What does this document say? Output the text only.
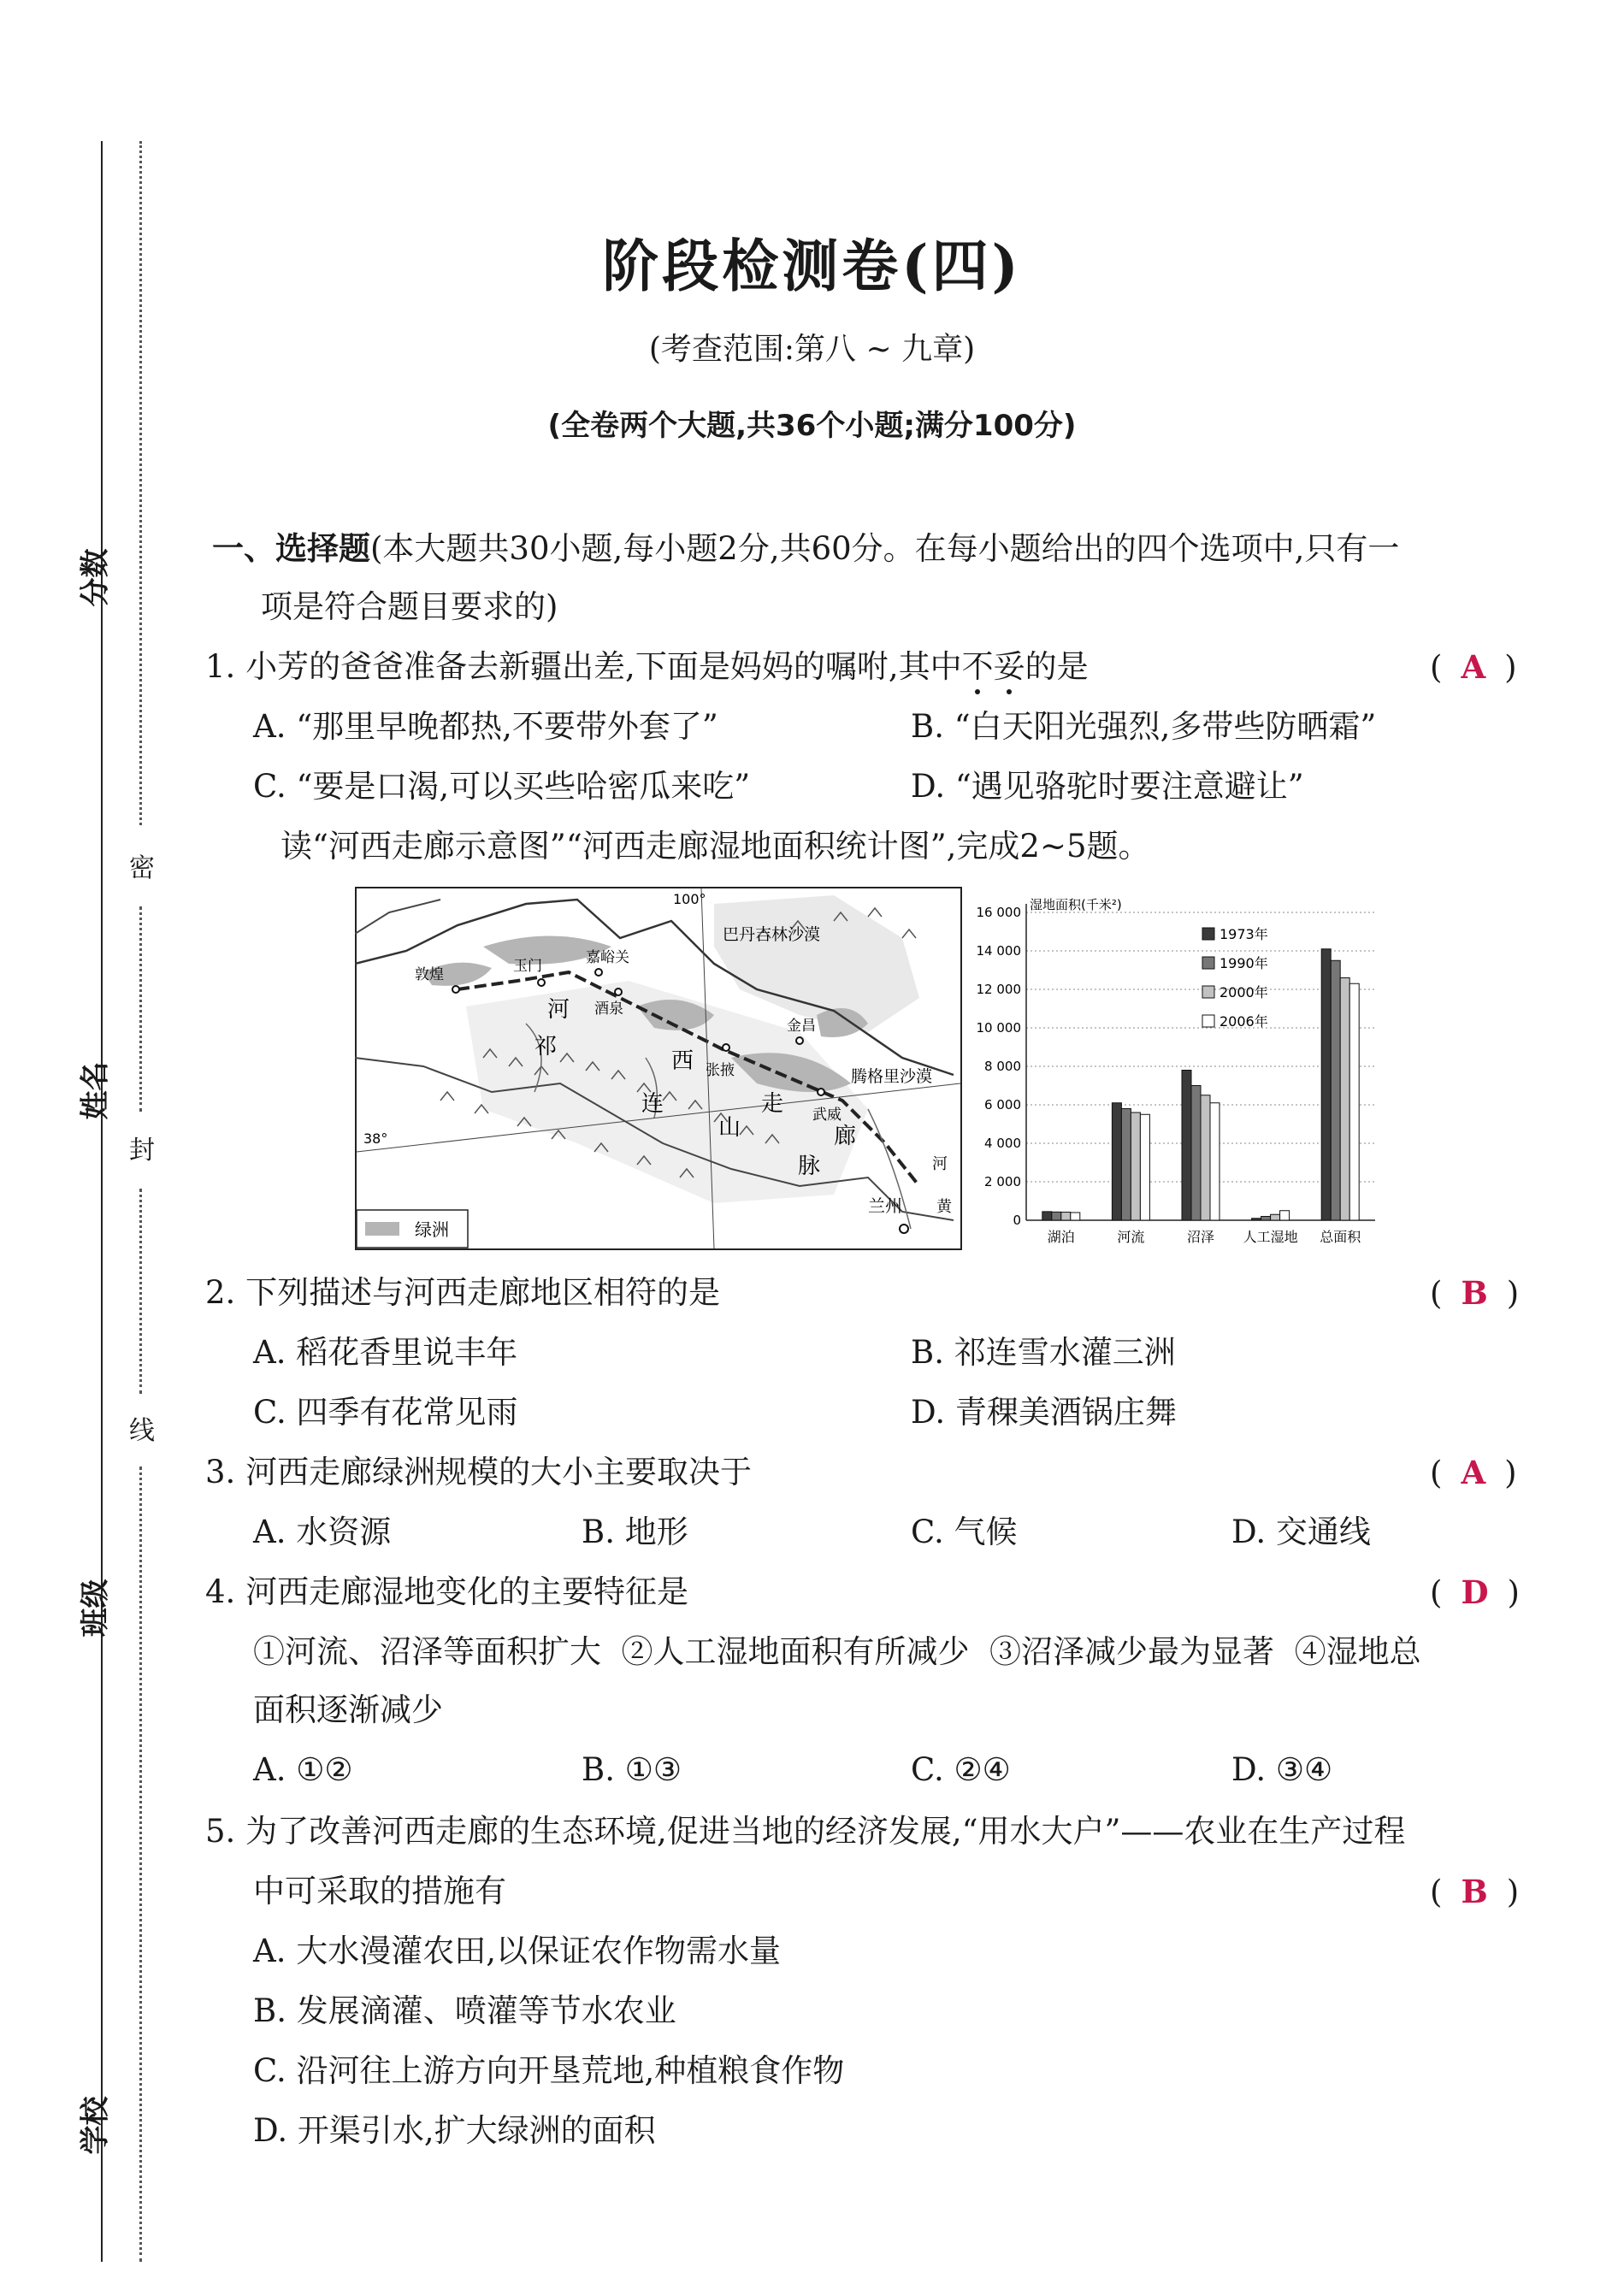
分数
姓名
班级
学校
密
封
线
阶段检测卷(四)
(考查范围:第八 ~ 九章)
(全卷两个大题,共36个小题;满分100分)
一、选择题(本大题共30小题,每小题2分,共60分。在每小题给出的四个选项中,只有一
项是符合题目要求的)
1. 小芳的爸爸准备去新疆出差,下面是妈妈的嘱咐,其中不妥的是	( A )
A. “那里早晚都热,不要带外套了”	B. “白天阳光强烈,多带些防晒霜”
C. “要是口渴,可以买些哈密瓜来吃”	D. “遇见骆驼时要注意避让”
读“河西走廊示意图”“河西走廊湿地面积统计图”,完成2~5题。
100°
38°
敦煌	玉门	嘉峪关
酒泉
张掖
金昌
武威
兰州
巴丹吉林沙漠
腾格里沙漠
河
西
走
廊
祁
连
山
脉	河
黄
绿洲	0
2 000
4 000
6 000
8 000
10 000
12 000
14 000
16 000 湿地面积(千米²)
湖泊	河流	沼泽 人工湿地 总面积
1973年
1990年
2000年
2006年
2. 下列描述与河西走廊地区相符的是	( B )
A. 稻花香里说丰年	B. 祁连雪水灌三洲
C. 四季有花常见雨	D. 青稞美酒锅庄舞
3. 河西走廊绿洲规模的大小主要取决于	( A )
A. 水资源	B. 地形	C. 气候	D. 交通线
4. 河西走廊湿地变化的主要特征是	( D )
①河流、沼泽等面积扩大  ②人工湿地面积有所减少  ③沼泽减少最为显著  ④湿地总
面积逐渐减少
A. ①②	B. ①③	C. ②④	D. ③④
5. 为了改善河西走廊的生态环境,促进当地的经济发展,“用水大户”——农业在生产过程
中可采取的措施有	( B )
A. 大水漫灌农田,以保证农作物需水量
B. 发展滴灌、喷灌等节水农业
C. 沿河往上游方向开垦荒地,种植粮食作物
D. 开渠引水,扩大绿洲的面积
